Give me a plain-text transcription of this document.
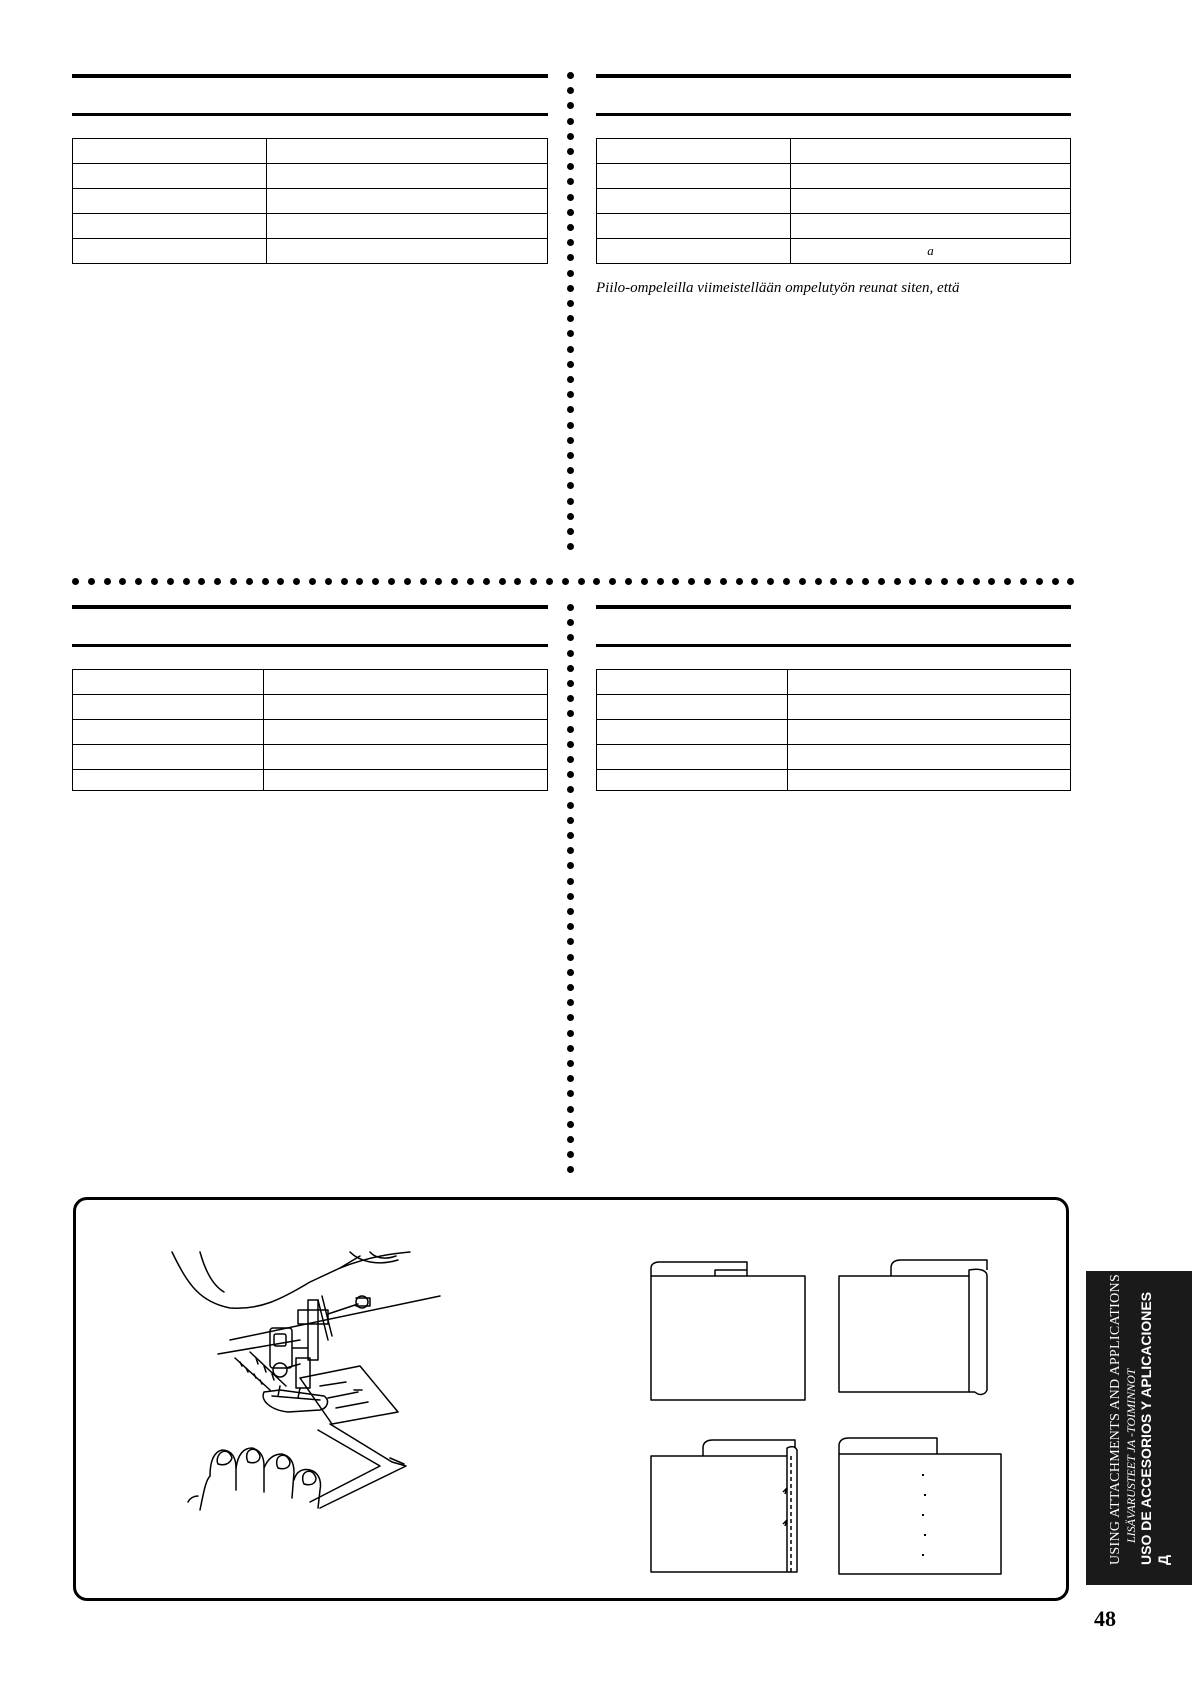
	a
Piilo-ompeleilla viimeistellään ompelutyön reunat siten, että

USING ATTACHMENTS AND APPLICATIONS LISÄVARUSTEET JA -TOIMINNOT USO DE ACCESORIOS Y APLICACIONES Д
48
